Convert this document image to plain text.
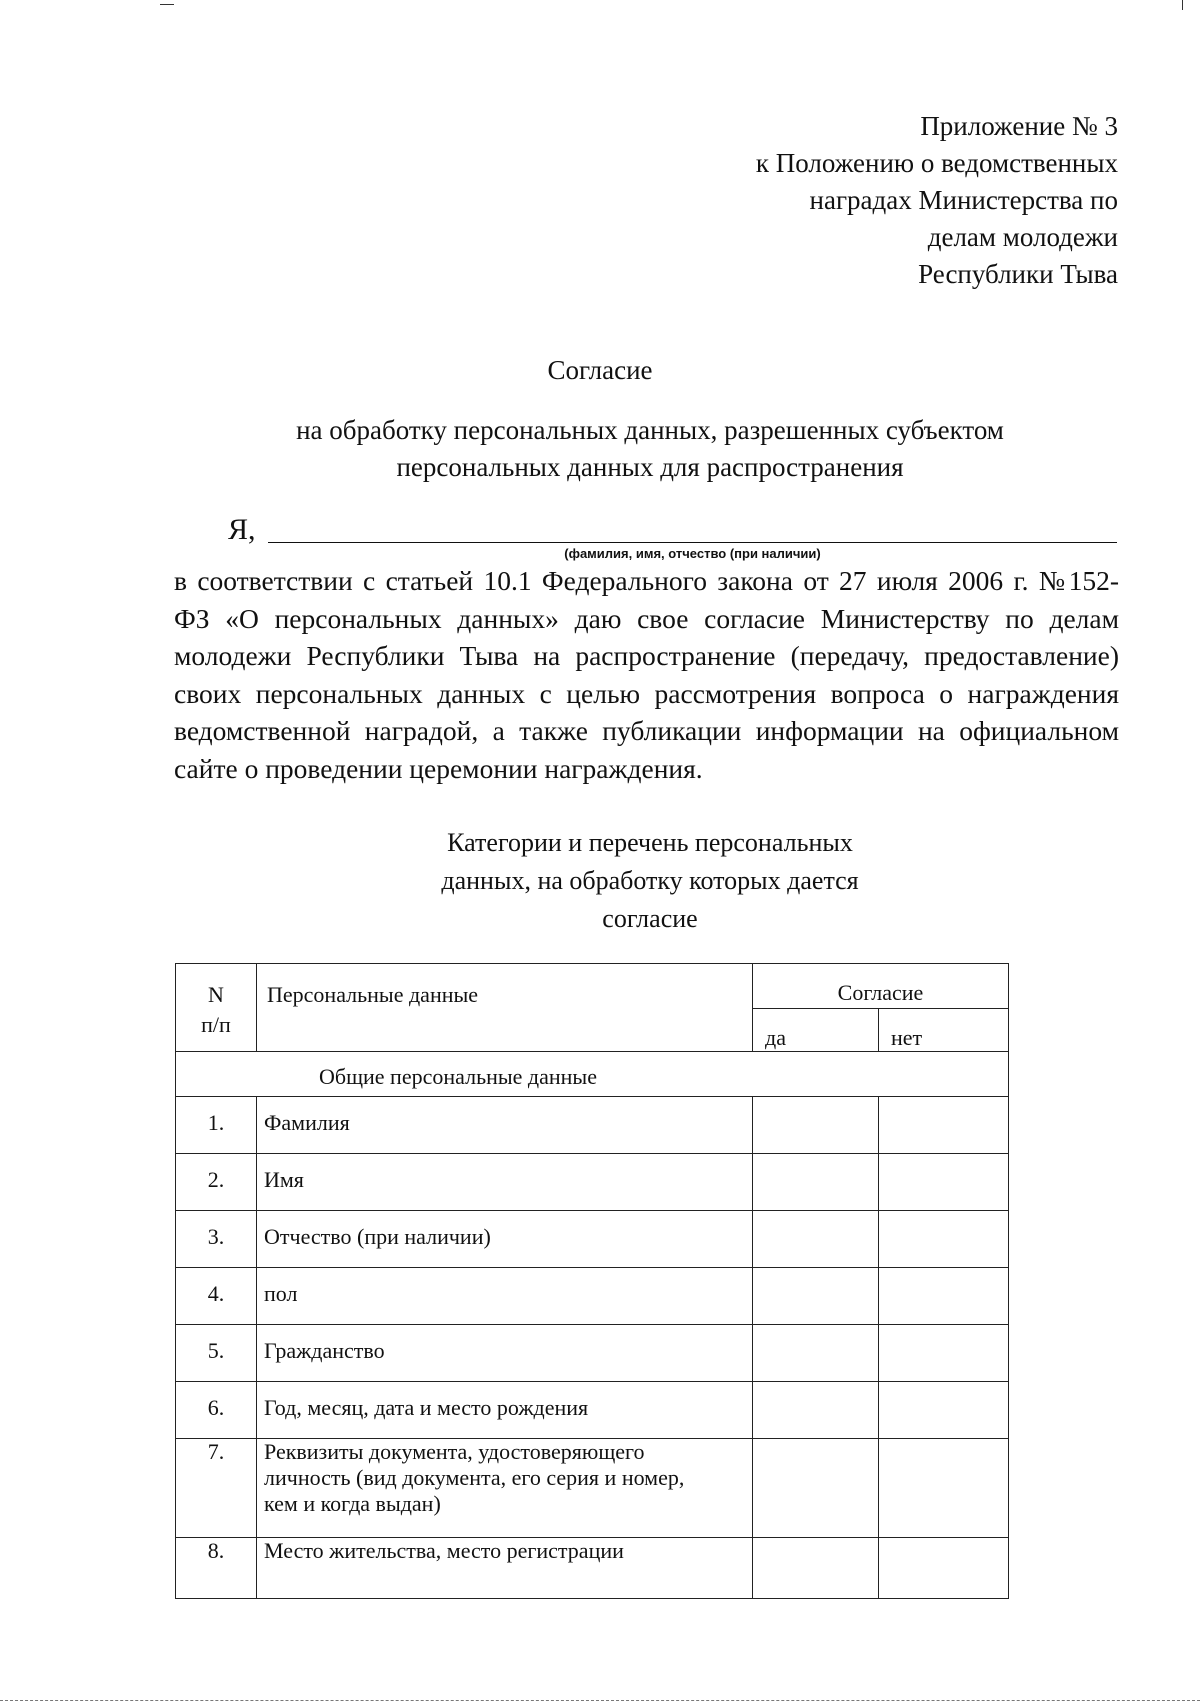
Приложение № 3
к Положению о ведомственных
наградах Министерства по
делам молодежи
Республики Тыва
Согласие
на обработку персональных данных, разрешенных субъектом
персональных данных для распространения
Я,
(фамилия, имя, отчество (при наличии)
в соответствии с статьей 10.1 Федерального закона от 27 июля 2006 г. №152-
ФЗ «О персональных данных» даю свое согласие Министерству по делам
молодежи Республики Тыва на распространение (передачу, предоставление)
своих персональных данных с целью рассмотрения вопроса о награждения
ведомственной наградой, а также публикации информации на официальном
сайте о проведении церемонии награждения.
Категории и перечень персональных
данных, на обработку которых дается
согласие
N
п/п	Персональные данные	Согласие	
		да	нет
Общие персональные данные			
1.	Фамилия		
2.	Имя		
3.	Отчество (при наличии)		
4.	пол		
5.	Гражданство		
6.	Год, месяц, дата и место рождения		
7.	Реквизиты документа, удостоверяющего
личность (вид документа, его серия и номер,
кем и когда выдан)		

8.	Место жительства, место регистрации		
